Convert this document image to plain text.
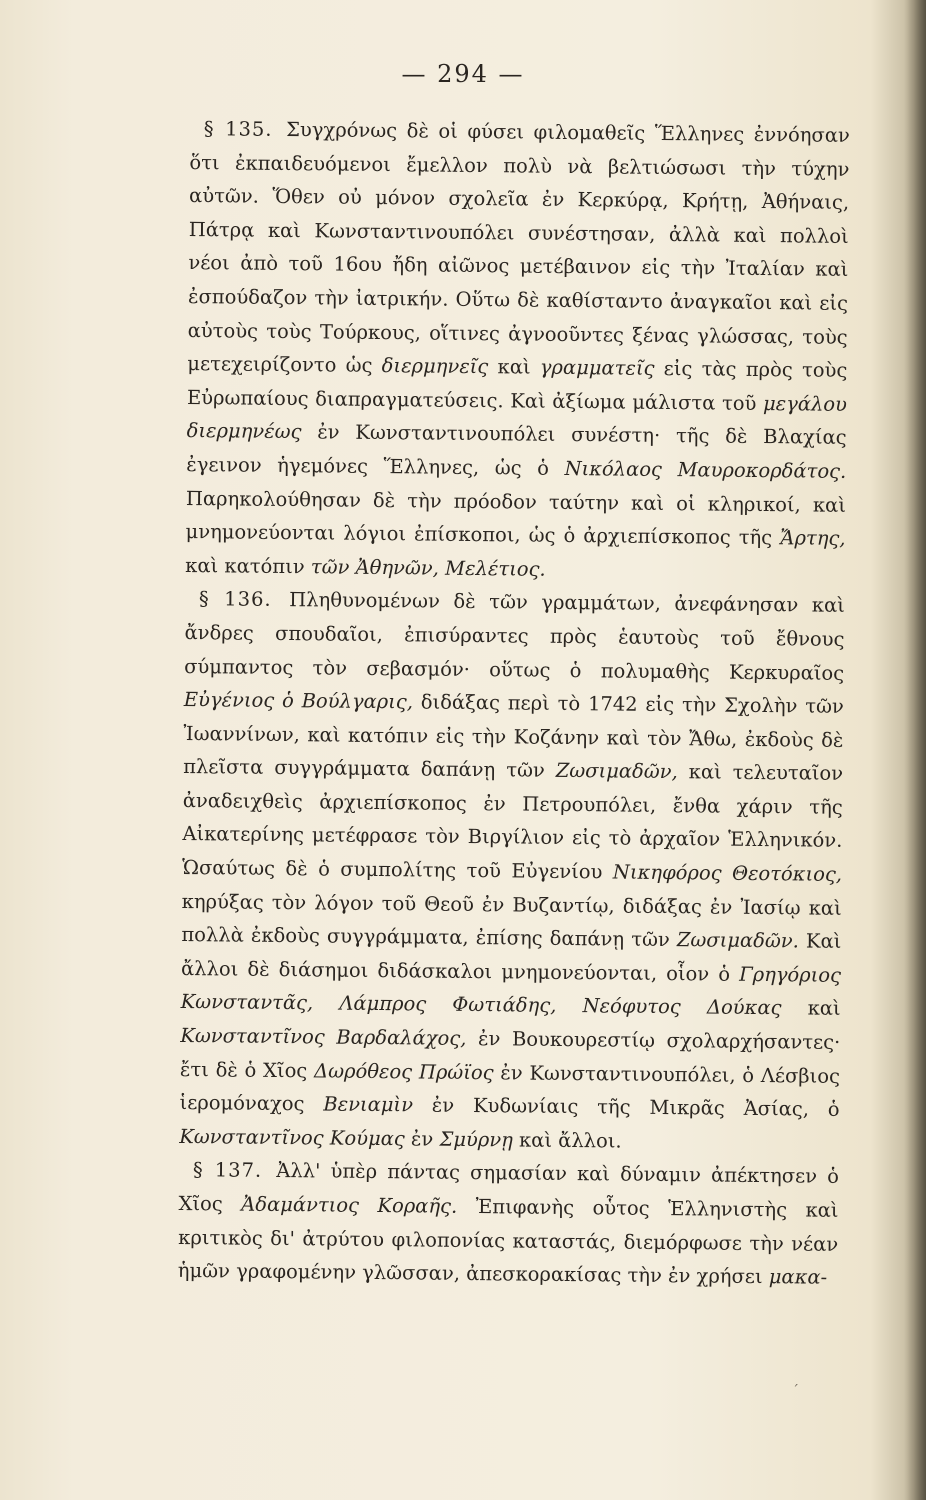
— 294 —

§ 135. Συγχρόνως δὲ οἱ φύσει φιλομαθεῖς Ἕλληνες ἐννόησαν ὅτι ἐκπαιδευόμενοι ἔμελλον πολὺ νὰ βελτιώσωσι τὴν τύχην αὐτῶν. Ὅθεν οὐ μόνον σχολεῖα ἐν Κερκύρᾳ, Κρήτῃ, Ἀθήναις, Πάτρᾳ καὶ Κωνσταντινουπόλει συνέστησαν, ἀλλὰ καὶ πολλοὶ νέοι ἀπὸ τοῦ 16ου ἤδη αἰῶνος μετέβαινον εἰς τὴν Ἰταλίαν καὶ ἐσπούδαζον τὴν ἰατρικήν. Οὕτω δὲ καθίσταντο ἀναγκαῖοι καὶ εἰς αὐτοὺς τοὺς Τούρκους, οἵτινες ἀγνοοῦντες ξένας γλώσσας, τοὺς μετεχειρίζοντο ὡς διερμηνεῖς καὶ γραμματεῖς εἰς τὰς πρὸς τοὺς Εὐρωπαίους διαπραγματεύσεις. Καὶ ἀξίωμα μάλιστα τοῦ μεγάλου διερμηνέως ἐν Κωνσταντινουπόλει συνέστη· τῆς δὲ Βλαχίας ἐγεινον ἡγεμόνες Ἕλληνες, ὡς ὁ Νικόλαος Μαυροκορδάτος. Παρηκολούθησαν δὲ τὴν πρόοδον ταύτην καὶ οἱ κληρικοί, καὶ μνημονεύονται λόγιοι ἐπίσκοποι, ὡς ὁ ἀρχιεπίσκοπος τῆς Ἄρτης, καὶ κατόπιν τῶν Ἀθηνῶν, Μελέτιος.

§ 136. Πληθυνομένων δὲ τῶν γραμμάτων, ἀνεφάνησαν καὶ ἄνδρες σπουδαῖοι, ἐπισύραντες πρὸς ἑαυτοὺς τοῦ ἔθνους σύμπαντος τὸν σεβασμόν· οὕτως ὁ πολυμαθὴς Κερκυραῖος Εὐγένιος ὁ Βούλγαρις, διδάξας περὶ τὸ 1742 εἰς τὴν Σχολὴν τῶν Ἰωαννίνων, καὶ κατόπιν εἰς τὴν Κοζάνην καὶ τὸν Ἄθω, ἐκδοὺς δὲ πλεῖστα συγγράμματα δαπάνῃ τῶν Ζωσιμαδῶν, καὶ τελευταῖον ἀναδειχθεὶς ἀρχιεπίσκοπος ἐν Πετρουπόλει, ἔνθα χάριν τῆς Αἰκατερίνης μετέφρασε τὸν Βιργίλιον εἰς τὸ ἀρχαῖον Ἑλληνικόν. Ὡσαύτως δὲ ὁ συμπολίτης τοῦ Εὐγενίου Νικηφόρος Θεοτόκιος, κηρύξας τὸν λόγον τοῦ Θεοῦ ἐν Βυζαντίῳ, διδάξας ἐν Ἰασίῳ καὶ πολλὰ ἐκδοὺς συγγράμματα, ἐπίσης δαπάνῃ τῶν Ζωσιμαδῶν. Καὶ ἄλλοι δὲ διάσημοι διδάσκαλοι μνημονεύονται, οἷον ὁ Γρηγόριος Κωνσταντᾶς, Λάμπρος Φωτιάδης, Νεόφυτος Δούκας καὶ Κωνσταντῖνος Βαρδαλάχος, ἐν Βουκουρεστίῳ σχολαρχήσαντες· ἔτι δὲ ὁ Χῖος Δωρόθεος Πρώϊος ἐν Κωνσταντινουπόλει, ὁ Λέσβιος ἱερομόναχος Βενιαμὶν ἐν Κυδωνίαις τῆς Μικρᾶς Ἀσίας, ὁ Κωνσταντῖνος Κούμας ἐν Σμύρνῃ καὶ ἄλλοι.

§ 137. Ἀλλ' ὑπὲρ πάντας σημασίαν καὶ δύναμιν ἀπέκτησεν ὁ Χῖος Ἀδαμάντιος Κοραῆς. Ἐπιφανὴς οὗτος Ἑλληνιστὴς καὶ κριτικὸς δι' ἀτρύτου φιλοπονίας καταστάς, διεμόρφωσε τὴν νέαν ἡμῶν γραφομένην γλῶσσαν, ἀπεσκορακίσας τὴν ἐν χρήσει μακα-

´
